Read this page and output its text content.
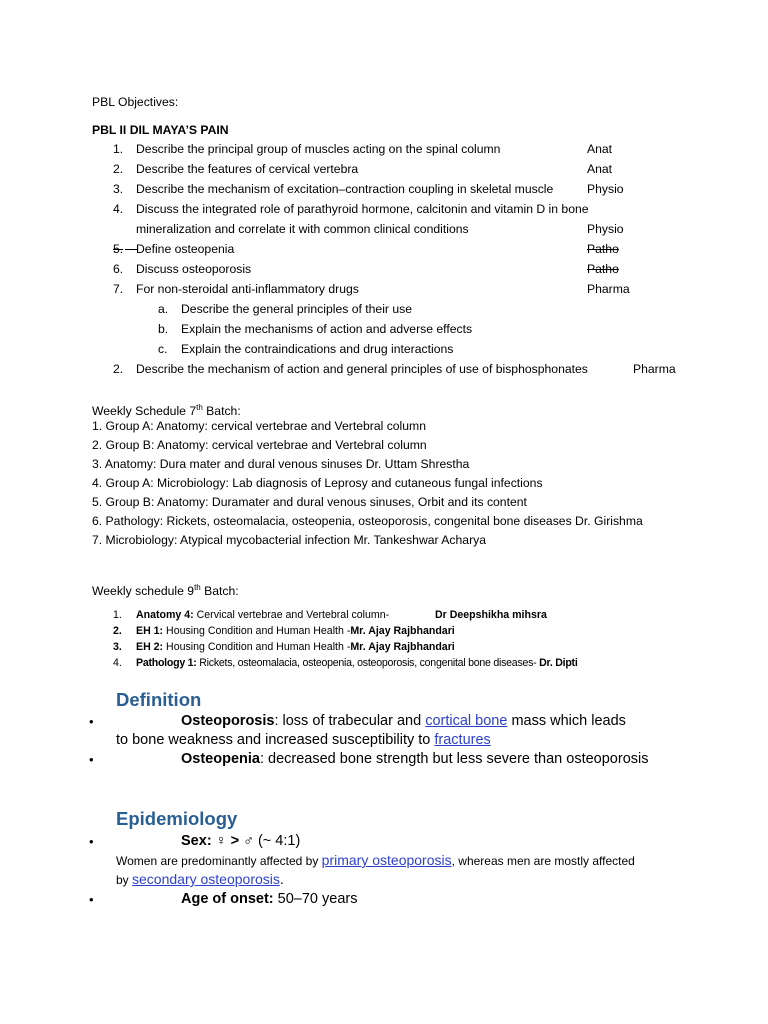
PBL Objectives:
PBL II DIL MAYA’S PAIN
1. Describe the principal group of muscles acting on the spinal column	Anat
2. Describe the features of cervical vertebra	Anat
3. Describe the mechanism of excitation–contraction coupling in skeletal muscle	Physio
4. Discuss the integrated role of parathyroid hormone, calcitonin and vitamin D in bone
mineralization and correlate it with common clinical conditions	Physio
5. Define osteopenia	Patho
6. Discuss osteoporosis	Patho
7. For non-steroidal anti-inflammatory drugs	Pharma
a. Describe the general principles of their use
b. Explain the mechanisms of action and adverse effects
c. Explain the contraindications and drug interactions
2. Describe the mechanism of action and general principles of use of bisphosphonates	Pharma
Weekly Schedule 7th Batch:
1. Group A: Anatomy: cervical vertebrae and Vertebral column
2. Group B: Anatomy: cervical vertebrae and Vertebral column
3. Anatomy: Dura mater and dural venous sinuses Dr. Uttam Shrestha
4. Group A: Microbiology: Lab diagnosis of Leprosy and cutaneous fungal infections
5. Group B: Anatomy: Duramater and dural venous sinuses, Orbit and its content
6. Pathology: Rickets, osteomalacia, osteopenia, osteoporosis, congenital bone diseases Dr. Girishma
7. Microbiology: Atypical mycobacterial infection Mr. Tankeshwar Acharya
Weekly schedule 9th Batch:
1. Anatomy 4: Cervical vertebrae and Vertebral column-	Dr Deepshikha mihsra
2. EH 1: Housing Condition and Human Health -Mr. Ajay Rajbhandari
3. EH 2: Housing Condition and Human Health -Mr. Ajay Rajbhandari
4. Pathology 1: Rickets, osteomalacia, osteopenia, osteoporosis, congenital bone diseases- Dr. Dipti
Definition
•	Osteoporosis: loss of trabecular and cortical bone mass which leads
to bone weakness and increased susceptibility to fractures
•	Osteopenia: decreased bone strength but less severe than osteoporosis
Epidemiology
•	Sex: ♀ > ♂ (~ 4:1)
Women are predominantly affected by primary osteoporosis, whereas men are mostly affected
by secondary osteoporosis.
•	Age of onset: 50–70 years
